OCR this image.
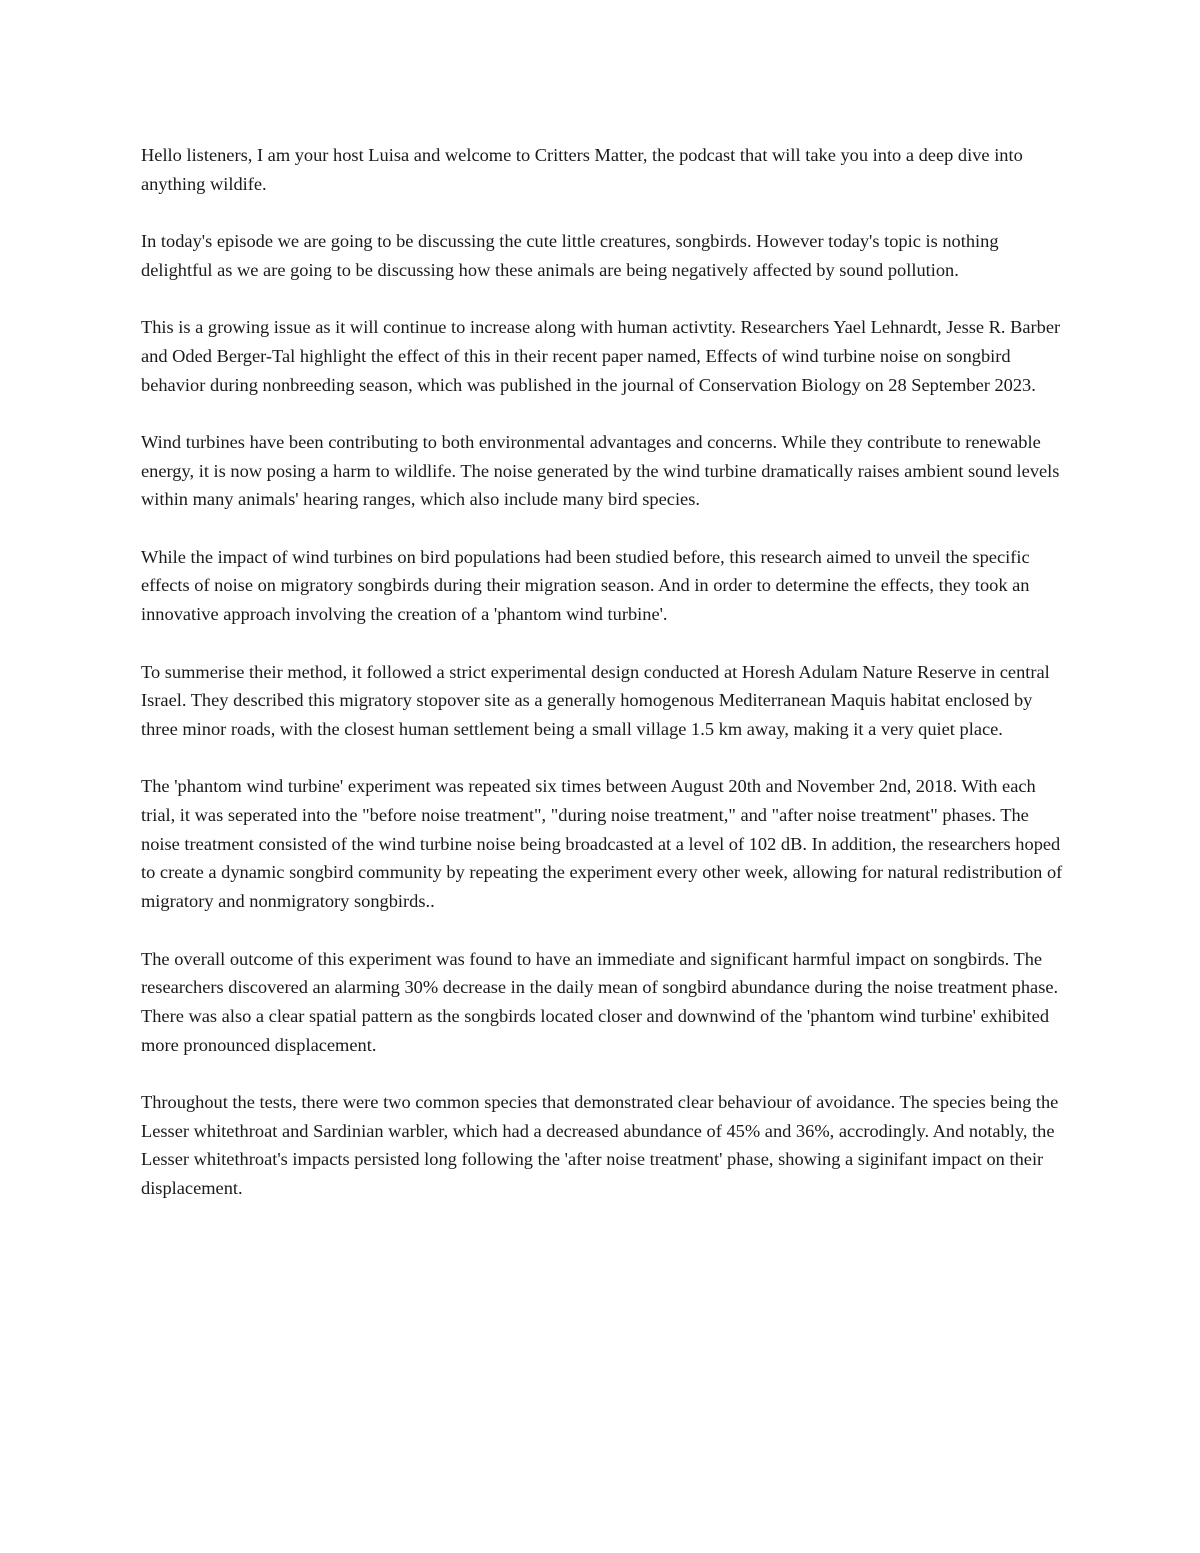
Hello listeners, I am your host Luisa and welcome to Critters Matter, the podcast that will take you into a deep dive into anything wildife.

In today's episode we are going to be discussing the cute little creatures, songbirds. However today's topic is nothing delightful as we are going to be discussing how these animals are being negatively affected by sound pollution.

This is a growing issue as it will continue to increase along with human activtity. Researchers Yael Lehnardt, Jesse R. Barber and Oded Berger-Tal highlight the effect of this in their recent paper named, Effects of wind turbine noise on songbird behavior during nonbreeding season, which was published in the journal of Conservation Biology on 28 September 2023.

Wind turbines have been contributing to both environmental advantages and concerns. While they contribute to renewable energy, it is now posing a harm to wildlife. The noise generated by the wind turbine dramatically raises ambient sound levels within many animals' hearing ranges, which also include many bird species.

While the impact of wind turbines on bird populations had been studied before, this research aimed to unveil the specific effects of noise on migratory songbirds during their migration season. And in order to determine the effects, they took an innovative approach involving the creation of a 'phantom wind turbine'.

To summerise their method, it followed a strict experimental design conducted at Horesh Adulam Nature Reserve in central Israel. They described this migratory stopover site as a generally homogenous Mediterranean Maquis habitat enclosed by three minor roads, with the closest human settlement being a small village 1.5 km away, making it a very quiet place.

The 'phantom wind turbine' experiment was repeated six times between August 20th and November 2nd, 2018. With each trial, it was seperated into the "before noise treatment", "during noise treatment," and "after noise treatment" phases. The noise treatment consisted of the wind turbine noise being broadcasted at a level of 102 dB. In addition, the researchers hoped to create a dynamic songbird community by repeating the experiment every other week, allowing for natural redistribution of migratory and nonmigratory songbirds..

The overall outcome of this experiment was found to have an immediate and significant harmful impact on songbirds. The researchers discovered an alarming 30% decrease in the daily mean of songbird abundance during the noise treatment phase. There was also a clear spatial pattern as the songbirds located closer and downwind of the 'phantom wind turbine' exhibited more pronounced displacement.

Throughout the tests, there were two common species that demonstrated clear behaviour of avoidance. The species being the Lesser whitethroat and Sardinian warbler, which had a decreased abundance of 45% and 36%, accrodingly. And notably, the Lesser whitethroat's impacts persisted long following the 'after noise treatment' phase, showing a siginifant impact on their displacement.
